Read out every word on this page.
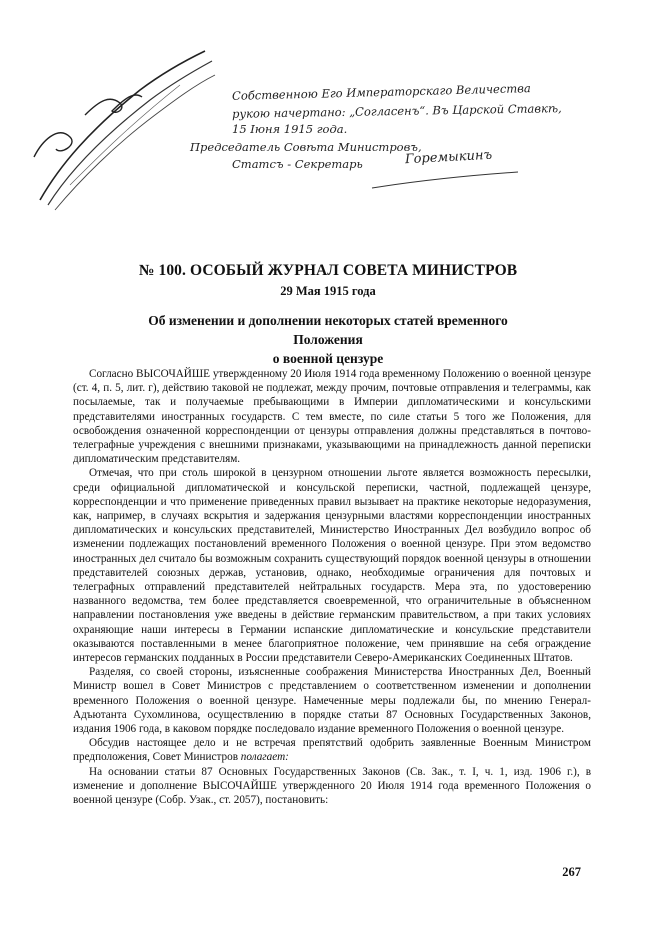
Собственною Его Императорскаго Величества
рукою начертано: „Согласенъ“. Въ Царской Ставкѣ,
15 Iюня 1915 года.
Председатель Совѣта Министровъ,
Статсъ - Секретарь	Горемыкинъ
№ 100. ОСОБЫЙ ЖУРНАЛ СОВЕТА МИНИСТРОВ
29 Мая 1915 года
Об изменении и дополнении некоторых статей временного Положения
о военной цензуре

Согласно ВЫСОЧАЙШЕ утвержденному 20 Июля 1914 года временному Положению о военной цензуре (ст. 4, п. 5, лит. г), действию таковой не подлежат, между прочим, почтовые отправления и телеграммы, как посылаемые, так и получаемые пребывающими в Империи дипломатическими и консульскими представителями иностранных государств. С тем вместе, по силе статьи 5 того же Положения, для освобождения означенной корреспонденции от цензуры отправления должны представляться в почтово-телеграфные учреждения с внешними признаками, указывающими на принадлежность данной переписки дипломатическим представителям.

Отмечая, что при столь широкой в цензурном отношении льготе является возможность пересылки, среди официальной дипломатической и консульской переписки, частной, подлежащей цензуре, корреспонденции и что применение приведенных правил вызывает на практике некоторые недоразумения, как, например, в случаях вскрытия и задержания цензурными властями корреспонденции иностранных дипломатических и консульских представителей, Министерство Иностранных Дел возбудило вопрос об изменении подлежащих постановлений временного Положения о военной цензуре. При этом ведомство иностранных дел считало бы возможным сохранить существующий порядок военной цензуры в отношении представителей союзных держав, установив, однако, необходимые ограничения для почтовых и телеграфных отправлений представителей нейтральных государств. Мера эта, по удостоверению названного ведомства, тем более представляется своевременной, что ограничительные в объясненном направлении постановления уже введены в действие германским правительством, а при таких условиях охраняющие наши интересы в Германии испанские дипломатические и консульские представители оказываются поставленными в менее благоприятное положение, чем принявшие на себя ограждение интересов германских подданных в России представители Северо-Американских Соединенных Штатов.

Разделяя, со своей стороны, изъясненные соображения Министерства Иностранных Дел, Военный Министр вошел в Совет Министров с представлением о соответственном изменении и дополнении временного Положения о военной цензуре. Намеченные меры подлежали бы, по мнению Генерал-Адъютанта Сухомлинова, осуществлению в порядке статьи 87 Основных Государственных Законов, издания 1906 года, в каковом порядке последовало издание временного Положения о военной цензуре.

Обсудив настоящее дело и не встречая препятствий одобрить заявленные Военным Министром предположения, Совет Министров полагает:

На основании статьи 87 Основных Государственных Законов (Св. Зак., т. I, ч. 1, изд. 1906 г.), в изменение и дополнение ВЫСОЧАЙШЕ утвержденного 20 Июля 1914 года временного Положения о военной цензуре (Собр. Узак., ст. 2057), постановить:

267
